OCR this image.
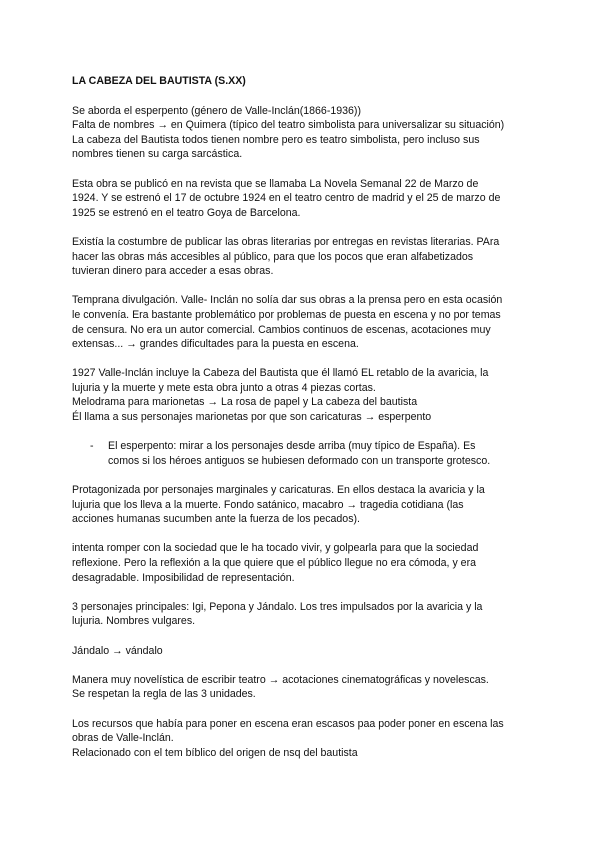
LA CABEZA DEL BAUTISTA (S.XX)
Se aborda el esperpento (género de Valle-Inclán(1866-1936))
Falta de nombres → en Quimera (típico del teatro simbolista para universalizar su situación)
La cabeza del Bautista todos tienen nombre pero es teatro simbolista, pero incluso sus
nombres tienen su carga sarcástica.
Esta obra se publicó en na revista que se llamaba La Novela Semanal 22 de Marzo de
1924. Y se estrenó el 17 de octubre 1924 en el teatro centro de madrid y el 25 de marzo de
1925 se estrenó en el teatro Goya de Barcelona.
Existía la costumbre de publicar las obras literarias por entregas en revistas literarias. PAra
hacer las obras más accesibles al público, para que los pocos que eran alfabetizados
tuvieran dinero para acceder a esas obras.
Temprana divulgación. Valle- Inclán no solía dar sus obras a la prensa pero en esta ocasión
le convenía. Era bastante problemático por problemas de puesta en escena y no por temas
de censura. No era un autor comercial. Cambios continuos de escenas, acotaciones muy
extensas... → grandes dificultades para la puesta en escena.
1927 Valle-Inclán incluye la Cabeza del Bautista que él llamó EL retablo de la avaricia, la
lujuria y la muerte y mete esta obra junto a otras 4 piezas cortas.
Melodrama para marionetas → La rosa de papel y La cabeza del bautista
Él llama a sus personajes marionetas por que son caricaturas → esperpento
- El esperpento: mirar a los personajes desde arriba (muy típico de España). Es
comos si los héroes antiguos se hubiesen deformado con un transporte grotesco.
Protagonizada por personajes marginales y caricaturas. En ellos destaca la avaricia y la
lujuria que los lleva a la muerte. Fondo satánico, macabro → tragedia cotidiana (las
acciones humanas sucumben ante la fuerza de los pecados).
intenta romper con la sociedad que le ha tocado vivir, y golpearla para que la sociedad
reflexione. Pero la reflexión a la que quiere que el público llegue no era cómoda, y era
desagradable. Imposibilidad de representación.
3 personajes principales: Igi, Pepona y Jándalo. Los tres impulsados por la avaricia y la
lujuria. Nombres vulgares.
Jándalo → vándalo
Manera muy novelística de escribir teatro → acotaciones cinematográficas y novelescas.
Se respetan la regla de las 3 unidades.
Los recursos que había para poner en escena eran escasos paa poder poner en escena las
obras de Valle-Inclán.
Relacionado con el tem bíblico del origen de nsq del bautista
